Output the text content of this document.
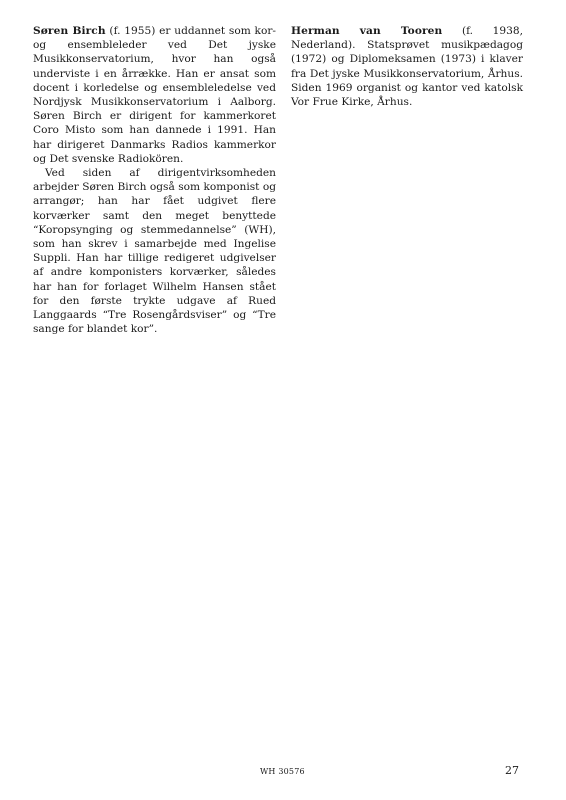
Søren Birch (f. 1955) er uddannet som kor- og ensembleleder ved Det jyske Musikkonservatorium, hvor han også underviste i en årrække. Han er ansat som docent i korledelse og ensembleledelse ved Nordjysk Musikkonservatorium i Aalborg. Søren Birch er dirigent for kammerkoret Coro Misto som han dannede i 1991. Han har dirigeret Danmarks Radios kammerkor og Det svenske Radiokören.

Ved siden af dirigentvirksomheden arbejder Søren Birch også som komponist og arrangør; han har fået udgivet flere korværker samt den meget benyttede “Koropsynging og stemmedannelse” (WH), som han skrev i samarbejde med Ingelise Suppli. Han har tillige redigeret udgivelser af andre komponisters korværker, således har han for forlaget Wilhelm Hansen stået for den første trykte udgave af Rued Langgaards “Tre Rosengårdsviser” og “Tre sange for blandet kor”.

Herman van Tooren (f. 1938, Nederland). Statsprøvet musikpædagog (1972) og Diplomeksamen (1973) i klaver fra Det jyske Musikkonservatorium, Århus. Siden 1969 organist og kantor ved katolsk Vor Frue Kirke, Århus.

WH 30576	27
